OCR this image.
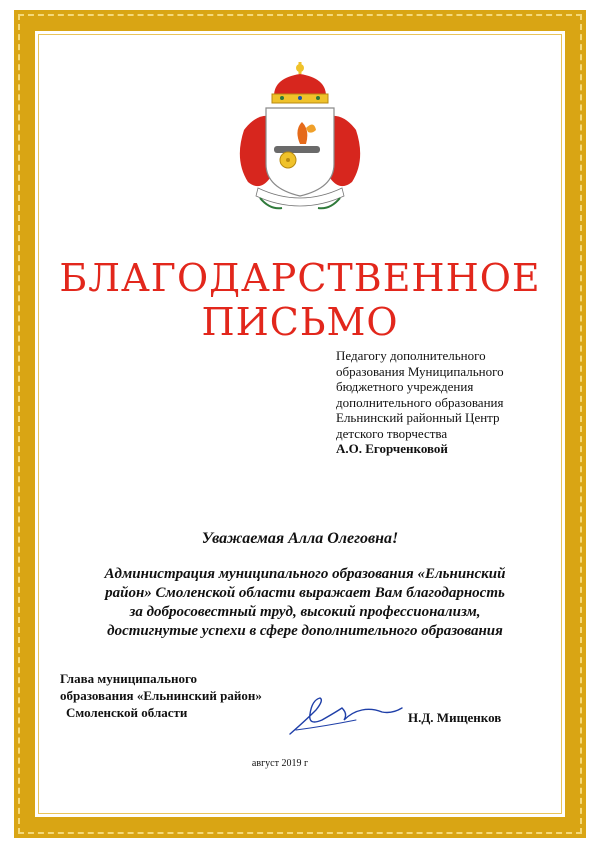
БЛАГОДАРСТВЕННОЕ
ПИСЬМО
Педагогу дополнительного
образования Муниципального
бюджетного учреждения
дополнительного образования
Ельнинский районный Центр
детского творчества
А.О. Егорченковой
Уважаемая Алла Олеговна!
Администрация муниципального образования «Ельнинский
район» Смоленской области выражает Вам благодарность
за добросовестный труд, высокий профессионализм,
достигнутые успехи в сфере дополнительного образования
Глава муниципального
образования «Ельнинский район»
Смоленской области	Н.Д. Мищенков
август 2019 г
